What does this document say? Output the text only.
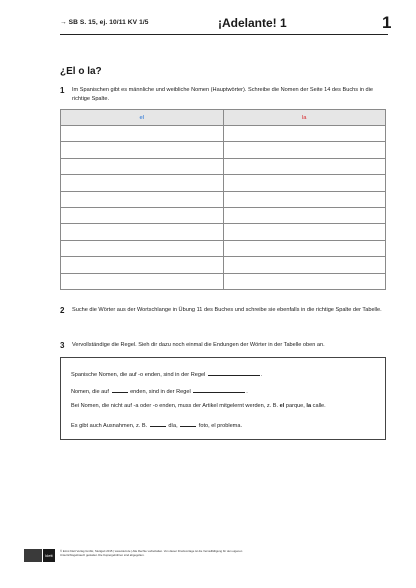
→ SB S. 15, ej. 10/11 KV 1/5	¡Adelante! 1	1
¿El o la?
1 Im Spanischen gibt es männliche und weibliche Nomen (Hauptwörter). Schreibe die Nomen der Seite 14 des Buchs in die richtige Spalte.
el	la

2 Suche die Wörter aus der Wortschlange in Übung 11 des Buches und schreibe sie ebenfalls in die richtige Spalte der Tabelle.
3 Vervollständige die Regel. Sieh dir dazu noch einmal die Endungen der Wörter in der Tabelle oben an.
Spanische Nomen, die auf -o enden, sind in der Regel	.
Nomen, die auf	enden, sind in der Regel	.
Bei Nomen, die nicht auf -a oder -o enden, muss der Artikel mitgelernt werden, z. B. el parque, la calle.
Es gibt auch Ausnahmen, z. B.	día,	foto, el problema.
klett
© Ernst Klett Verlag GmbH, Stuttgart 2015 | www.klett.de | Alle Rechte vorbehalten. Von dieser Druckvorlage ist die Vervielfältigung für den eigenen Unterrichtsgebrauch gestattet. Die Kopiergebühren sind abgegolten.
